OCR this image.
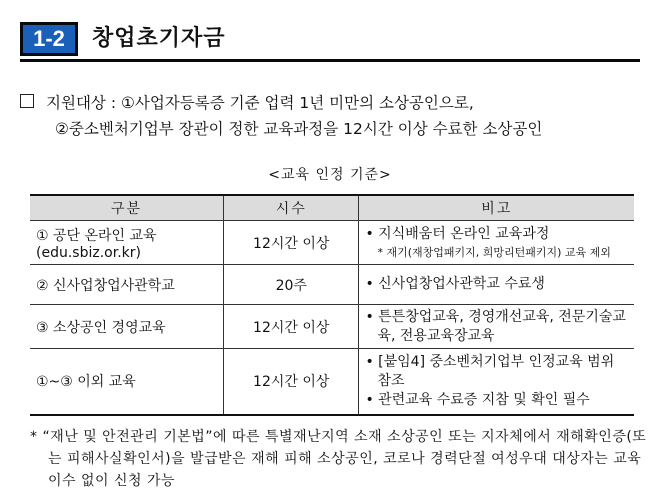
1-2	창업초기자금
지원대상 : ①사업자등록증 기준 업력 1년 미만의 소상공인으로,
②중소벤처기업부 장관이 정한 교육과정을 12시간 이상 수료한 소상공인
<교육 인정 기준>
구분	시수	비고
① 공단 온라인 교육 (edu.sbiz.or.kr)	12시간 이상	• 지식배움터 온라인 교육과정
* 재기(재창업패키지, 희망리턴패키지) 교육 제외

② 신사업창업사관학교	20주	• 신사업창업사관학교 수료생

③ 소상공인 경영교육	12시간 이상	• 튼튼창업교육, 경영개선교육, 전문기술교육, 전용교육장교육

①~③ 이외 교육	12시간 이상	• [붙임4] 중소벤처기업부 인정교육 범위 참조
• 관련교육 수료증 지참 및 확인 필수
* “재난 및 안전관리 기본법”에 따른 특별재난지역 소재 소상공인 또는 지자체에서 재해확인증(또는 피해사실확인서)을 발급받은 재해 피해 소상공인, 코로나 경력단절 여성우대 대상자는 교육 이수 없이 신청 가능
